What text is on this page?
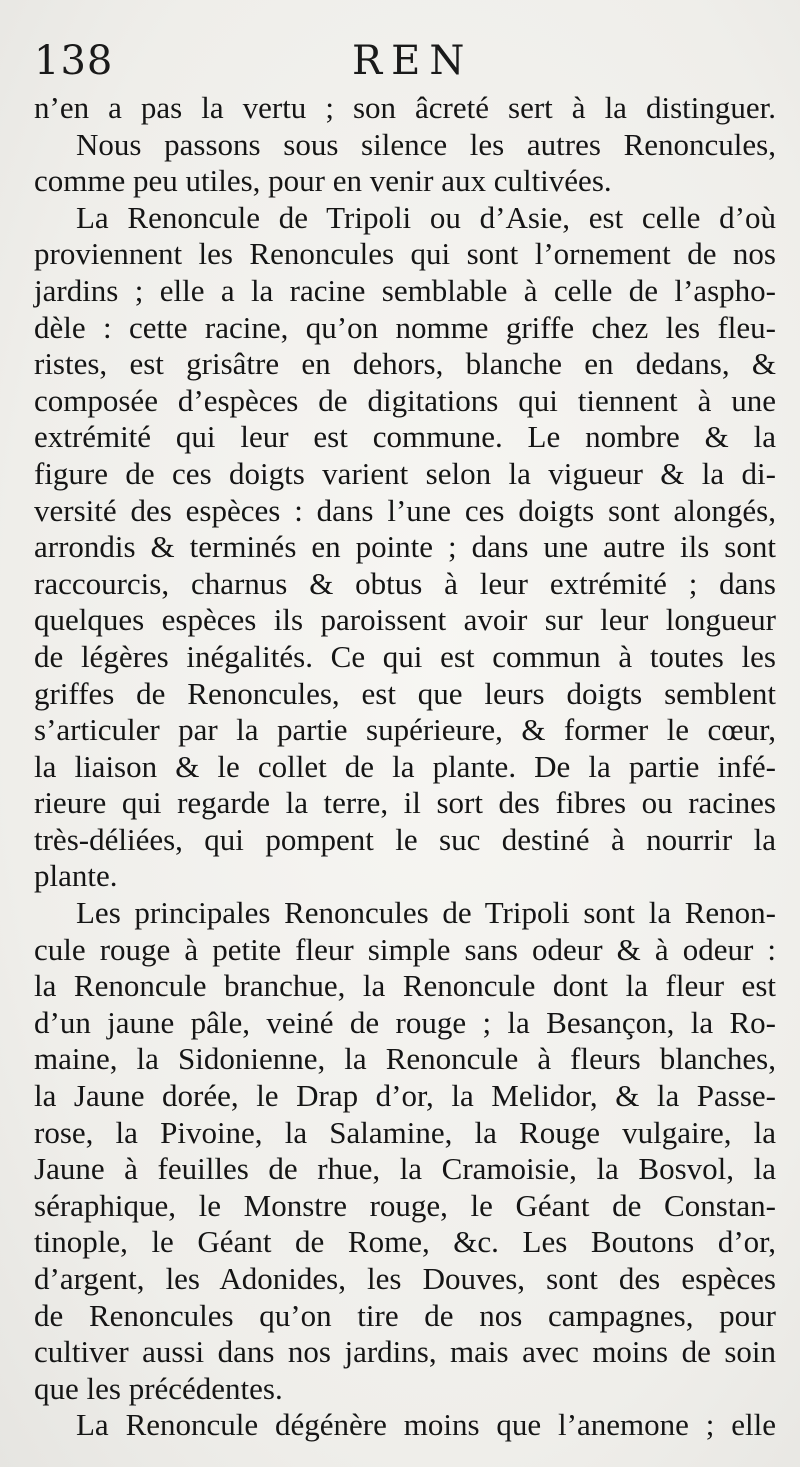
138	REN
n’en a pas la vertu ; son âcreté sert à la distinguer.
Nous passons sous silence les autres Renoncules,
comme peu utiles, pour en venir aux cultivées.
La Renoncule de Tripoli ou d’Asie, est celle d’où
proviennent les Renoncules qui sont l’ornement de nos
jardins ; elle a la racine semblable à celle de l’aspho-
dèle : cette racine, qu’on nomme griffe chez les fleu-
ristes, est grisâtre en dehors, blanche en dedans, &
composée d’espèces de digitations qui tiennent à une
extrémité qui leur est commune. Le nombre & la
figure de ces doigts varient selon la vigueur & la di-
versité des espèces : dans l’une ces doigts sont alongés,
arrondis & terminés en pointe ; dans une autre ils sont
raccourcis, charnus & obtus à leur extrémité ; dans
quelques espèces ils paroissent avoir sur leur longueur
de légères inégalités. Ce qui est commun à toutes les
griffes de Renoncules, est que leurs doigts semblent
s’articuler par la partie supérieure, & former le cœur,
la liaison & le collet de la plante. De la partie infé-
rieure qui regarde la terre, il sort des fibres ou racines
très-déliées, qui pompent le suc destiné à nourrir la
plante.
Les principales Renoncules de Tripoli sont la Renon-
cule rouge à petite fleur simple sans odeur & à odeur :
la Renoncule branchue, la Renoncule dont la fleur est
d’un jaune pâle, veiné de rouge ; la Besançon, la Ro-
maine, la Sidonienne, la Renoncule à fleurs blanches,
la Jaune dorée, le Drap d’or, la Melidor, & la Passe-
rose, la Pivoine, la Salamine, la Rouge vulgaire, la
Jaune à feuilles de rhue, la Cramoisie, la Bosvol, la
séraphique, le Monstre rouge, le Géant de Constan-
tinople, le Géant de Rome, &c. Les Boutons d’or,
d’argent, les Adonides, les Douves, sont des espèces
de Renoncules qu’on tire de nos campagnes, pour
cultiver aussi dans nos jardins, mais avec moins de soin
que les précédentes.
La Renoncule dégénère moins que l’anemone ; elle
